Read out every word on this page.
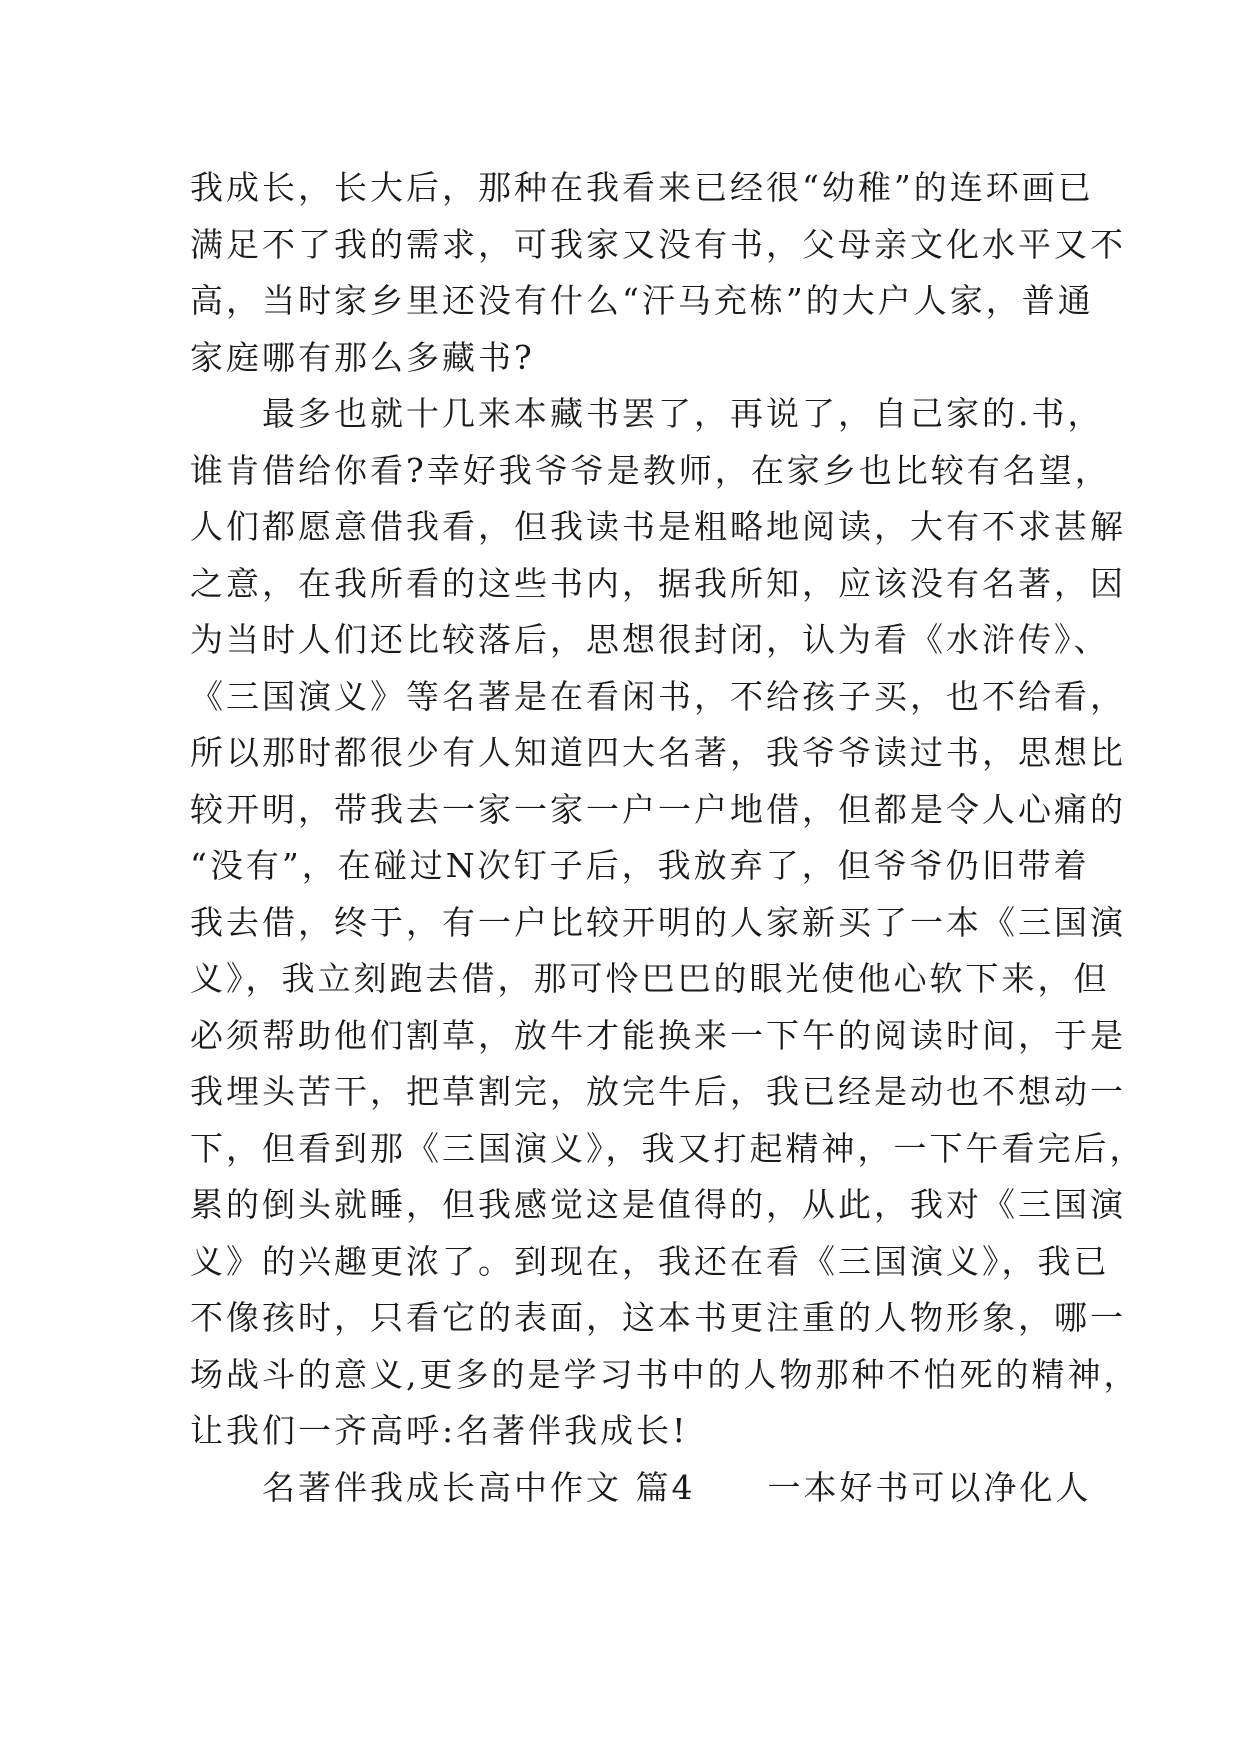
我成长，长大后，那种在我看来已经很“幼稚”的连环画已
满足不了我的需求，可我家又没有书，父母亲文化水平又不
高，当时家乡里还没有什么“汗马充栋”的大户人家，普通
家庭哪有那么多藏书?
　　最多也就十几来本藏书罢了，再说了，自己家的.书，
谁肯借给你看?幸好我爷爷是教师，在家乡也比较有名望，
人们都愿意借我看，但我读书是粗略地阅读，大有不求甚解
之意，在我所看的这些书内，据我所知，应该没有名著，因
为当时人们还比较落后，思想很封闭，认为看《水浒传》、
《三国演义》等名著是在看闲书，不给孩子买，也不给看，
所以那时都很少有人知道四大名著，我爷爷读过书，思想比
较开明，带我去一家一家一户一户地借，但都是令人心痛的
“没有”，在碰过N次钉子后，我放弃了，但爷爷仍旧带着
我去借，终于，有一户比较开明的人家新买了一本《三国演
义》，我立刻跑去借，那可怜巴巴的眼光使他心软下来，但
必须帮助他们割草，放牛才能换来一下午的阅读时间，于是
我埋头苦干，把草割完，放完牛后，我已经是动也不想动一
下，但看到那《三国演义》，我又打起精神，一下午看完后，
累的倒头就睡，但我感觉这是值得的，从此，我对《三国演
义》的兴趣更浓了。到现在，我还在看《三国演义》，我已
不像孩时，只看它的表面，这本书更注重的人物形象，哪一
场战斗的意义,更多的是学习书中的人物那种不怕死的精神，
让我们一齐高呼:名著伴我成长!
　　名著伴我成长高中作文 篇4　　一本好书可以净化人
